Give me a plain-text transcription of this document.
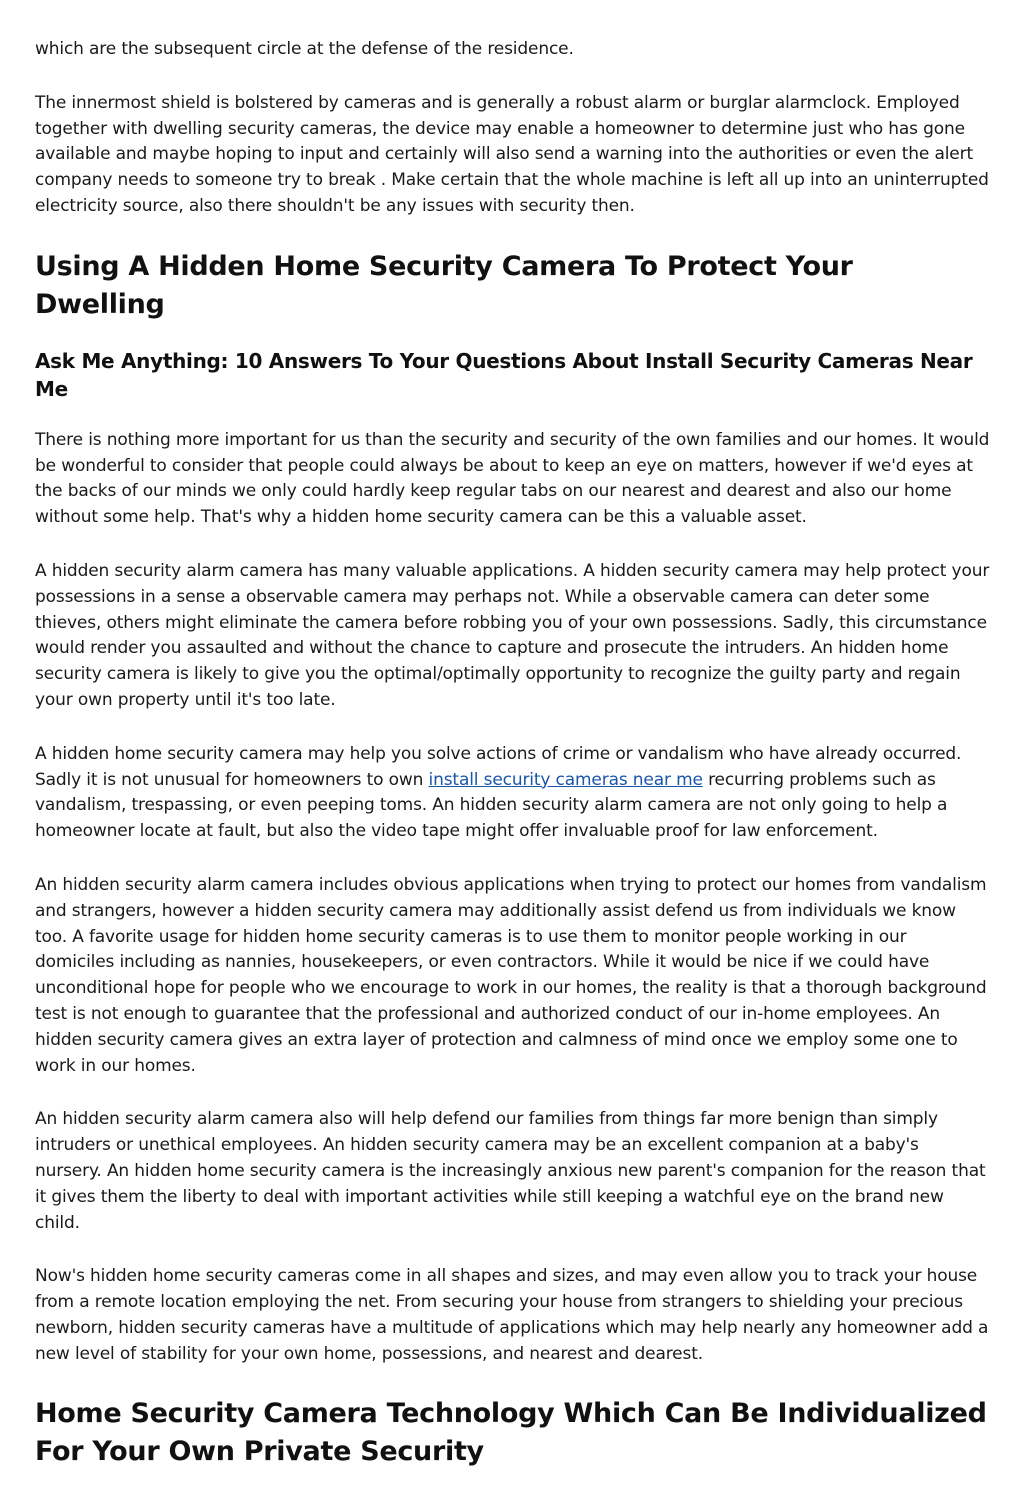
which are the subsequent circle at the defense of the residence.

The innermost shield is bolstered by cameras and is generally a robust alarm or burglar alarmclock. Employed together with dwelling security cameras, the device may enable a homeowner to determine just who has gone available and maybe hoping to input and certainly will also send a warning into the authorities or even the alert company needs to someone try to break . Make certain that the whole machine is left all up into an uninterrupted electricity source, also there shouldn't be any issues with security then.

Using A Hidden Home Security Camera To Protect Your Dwelling
Ask Me Anything: 10 Answers To Your Questions About Install Security Cameras Near Me

There is nothing more important for us than the security and security of the own families and our homes. It would be wonderful to consider that people could always be about to keep an eye on matters, however if we'd eyes at the backs of our minds we only could hardly keep regular tabs on our nearest and dearest and also our home without some help. That's why a hidden home security camera can be this a valuable asset.

A hidden security alarm camera has many valuable applications. A hidden security camera may help protect your possessions in a sense a observable camera may perhaps not. While a observable camera can deter some thieves, others might eliminate the camera before robbing you of your own possessions. Sadly, this circumstance would render you assaulted and without the chance to capture and prosecute the intruders. An hidden home security camera is likely to give you the optimal/optimally opportunity to recognize the guilty party and regain your own property until it's too late.

A hidden home security camera may help you solve actions of crime or vandalism who have already occurred. Sadly it is not unusual for homeowners to own install security cameras near me recurring problems such as vandalism, trespassing, or even peeping toms. An hidden security alarm camera are not only going to help a homeowner locate at fault, but also the video tape might offer invaluable proof for law enforcement.

An hidden security alarm camera includes obvious applications when trying to protect our homes from vandalism and strangers, however a hidden security camera may additionally assist defend us from individuals we know too. A favorite usage for hidden home security cameras is to use them to monitor people working in our domiciles including as nannies, housekeepers, or even contractors. While it would be nice if we could have unconditional hope for people who we encourage to work in our homes, the reality is that a thorough background test is not enough to guarantee that the professional and authorized conduct of our in-home employees. An hidden security camera gives an extra layer of protection and calmness of mind once we employ some one to work in our homes.

An hidden security alarm camera also will help defend our families from things far more benign than simply intruders or unethical employees. An hidden security camera may be an excellent companion at a baby's nursery. An hidden home security camera is the increasingly anxious new parent's companion for the reason that it gives them the liberty to deal with important activities while still keeping a watchful eye on the brand new child.

Now's hidden home security cameras come in all shapes and sizes, and may even allow you to track your house from a remote location employing the net. From securing your house from strangers to shielding your precious newborn, hidden security cameras have a multitude of applications which may help nearly any homeowner add a new level of stability for your own home, possessions, and nearest and dearest.

Home Security Camera Technology Which Can Be Individualized For Your Own Private Security
